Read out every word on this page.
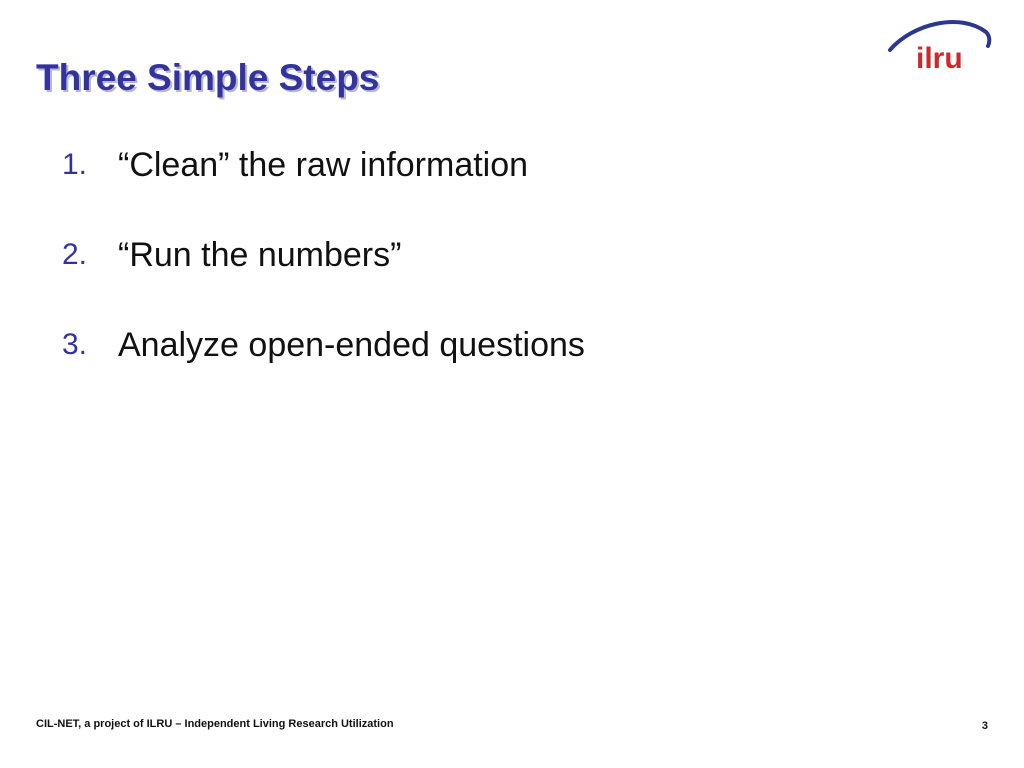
Three Simple Steps	ilru
1. “Clean” the raw information
2. “Run the numbers”
3. Analyze open-ended questions
CIL-NET, a project of ILRU – Independent Living Research Utilization	3
